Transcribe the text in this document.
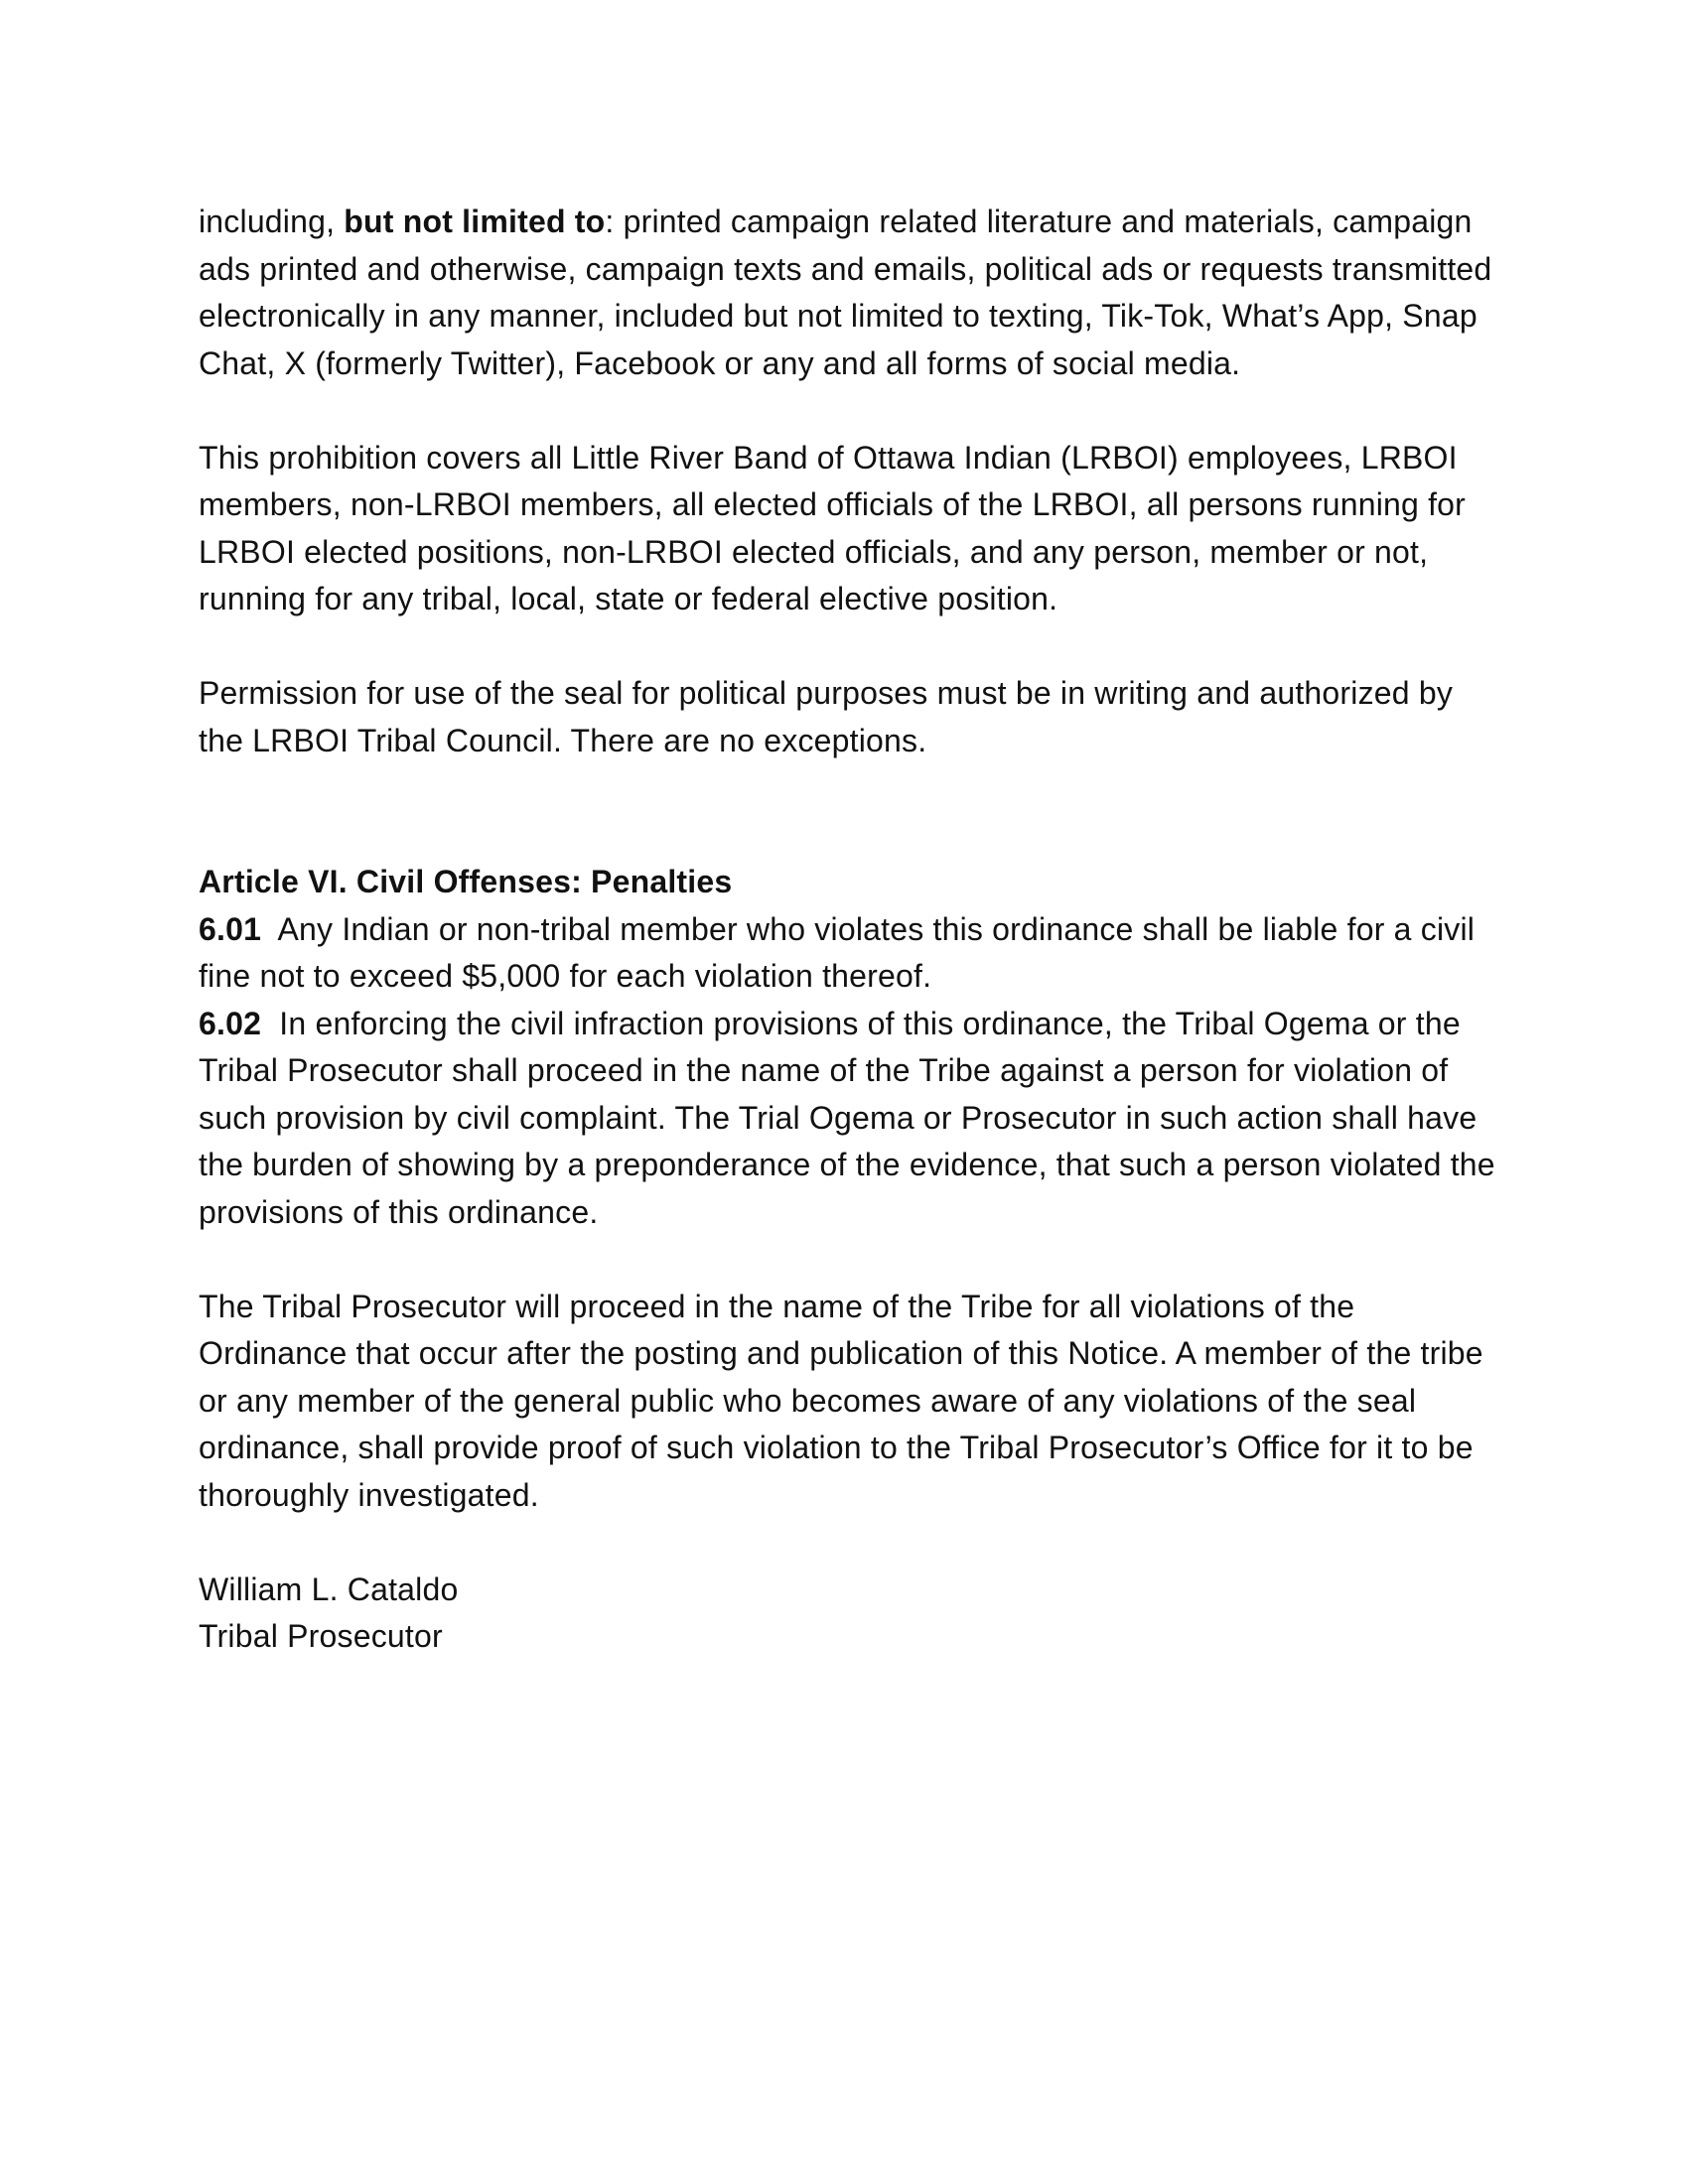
including, but not limited to: printed campaign related literature and materials, campaign ads printed and otherwise, campaign texts and emails, political ads or requests transmitted electronically in any manner, included but not limited to texting, Tik-Tok, What’s App, Snap Chat, X (formerly Twitter), Facebook or any and all forms of social media.

This prohibition covers all Little River Band of Ottawa Indian (LRBOI) employees, LRBOI members, non-LRBOI members, all elected officials of the LRBOI, all persons running for LRBOI elected positions, non-LRBOI elected officials, and any person, member or not, running for any tribal, local, state or federal elective position.

Permission for use of the seal for political purposes must be in writing and authorized by the LRBOI Tribal Council. There are no exceptions.

Article VI. Civil Offenses: Penalties

6.01 Any Indian or non-tribal member who violates this ordinance shall be liable for a civil fine not to exceed $5,000 for each violation thereof.

6.02 In enforcing the civil infraction provisions of this ordinance, the Tribal Ogema or the Tribal Prosecutor shall proceed in the name of the Tribe against a person for violation of such provision by civil complaint. The Trial Ogema or Prosecutor in such action shall have the burden of showing by a preponderance of the evidence, that such a person violated the provisions of this ordinance.

The Tribal Prosecutor will proceed in the name of the Tribe for all violations of the Ordinance that occur after the posting and publication of this Notice. A member of the tribe or any member of the general public who becomes aware of any violations of the seal ordinance, shall provide proof of such violation to the Tribal Prosecutor’s Office for it to be thoroughly investigated.

William L. Cataldo

Tribal Prosecutor
